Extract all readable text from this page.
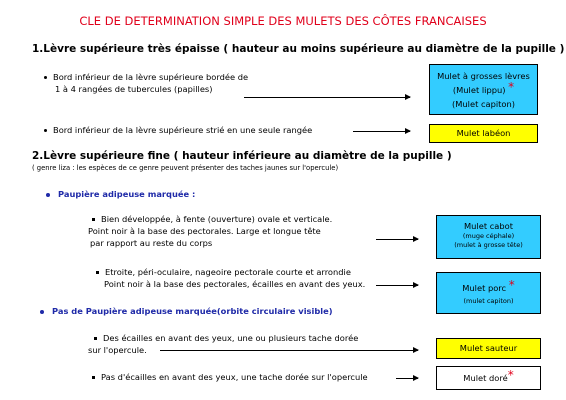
CLE DE DETERMINATION SIMPLE DES MULETS DES CÔTES FRANCAISES
1.Lèvre supérieure très épaisse ( hauteur au moins supérieure au diamètre de la pupille )
Bord inférieur de la lèvre supérieure bordée de
1 à 4 rangées de tubercules (papilles)
Mulet à grosses lèvres
(Mulet lippu) *
(Mulet capiton)
Bord inférieur de la lèvre supérieure strié en une seule rangée	Mulet labéon
2.Lèvre supérieure fine ( hauteur inférieure au diamètre de la pupille )
( genre liza : les espèces de ce genre peuvent présenter des taches jaunes sur l'opercule)
Paupière adipeuse marquée :
Bien développée, à fente (ouverture) ovale et verticale.
Point noir à la base des pectorales. Large et longue tête
par rapport au reste du corps
Mulet cabot
(muge céphale)
(mulet à grosse tête)
Etroite, péri-oculaire, nageoire pectorale courte et arrondie
Point noir à la base des pectorales, écailles en avant des yeux.	Mulet porc *
(mulet capiton)
Pas de Paupière adipeuse marquée(orbite circulaire visible)
Des écailles en avant des yeux, une ou plusieurs tache dorée
sur l'opercule.	Mulet sauteur
Pas d'écailles en avant des yeux, une tache dorée sur l'opercule	Mulet doré*
